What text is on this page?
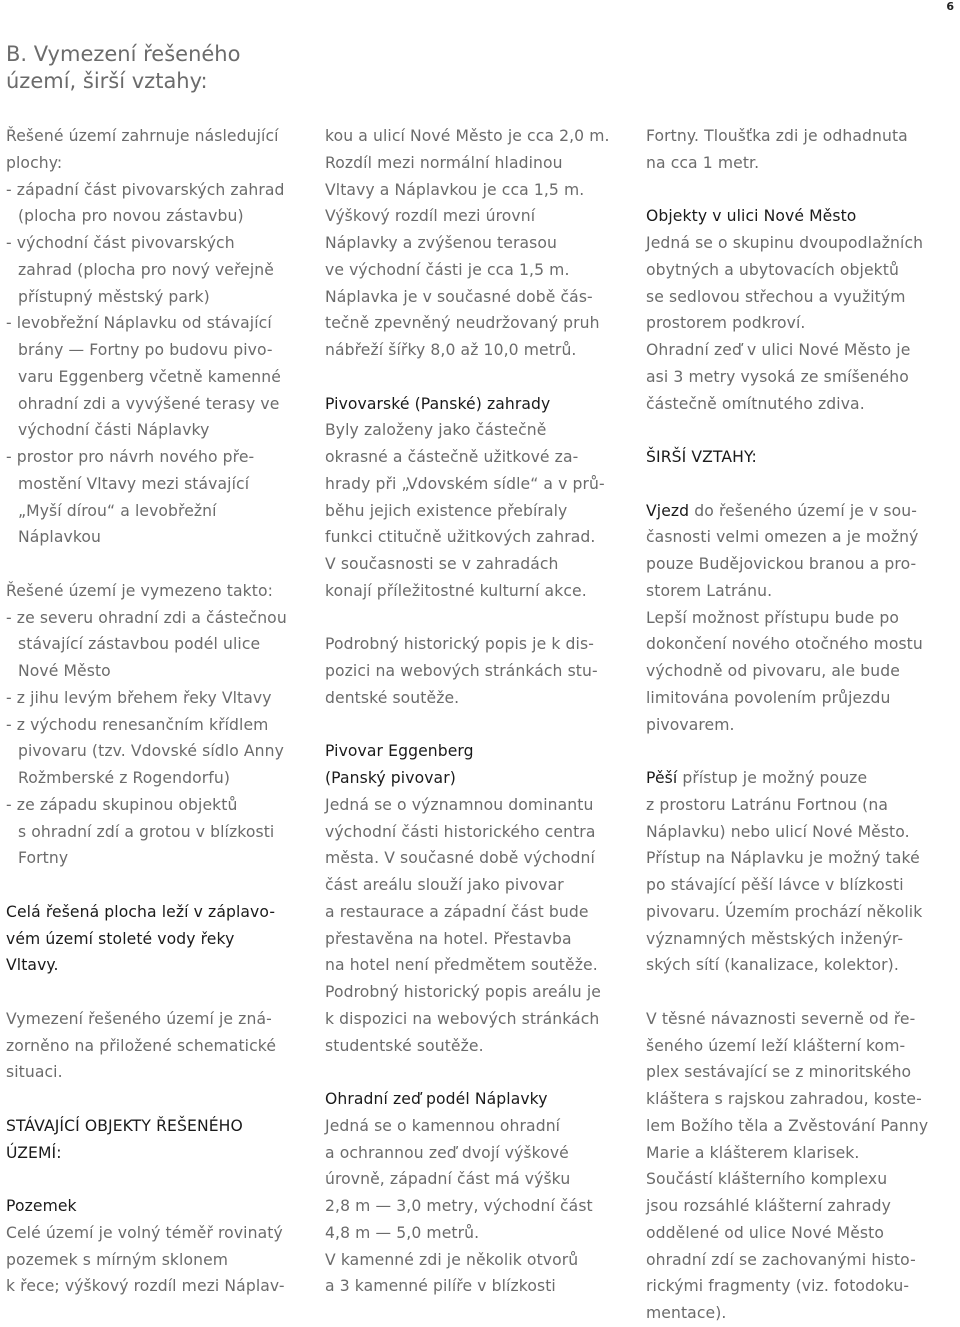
6
B. Vymezení řešeného
území, širší vztahy:
Řešené území zahrnuje následující
plochy:
- západní část pivovarských zahrad
(plocha pro novou zástavbu)
- východní část pivovarských
zahrad (plocha pro nový veřejně
přístupný městský park)
- levobřežní Náplavku od stávající
brány — Fortny po budovu pivo-
varu Eggenberg včetně kamenné
ohradní zdi a vyvýšené terasy ve
východní části Náplavky
- prostor pro návrh nového pře-
mostění Vltavy mezi stávající
„Myší dírou“ a levobřežní
Náplavkou
Řešené území je vymezeno takto:
- ze severu ohradní zdi a částečnou
stávající zástavbou podél ulice
Nové Město
- z jihu levým břehem řeky Vltavy
- z východu renesančním křídlem
pivovaru (tzv. Vdovské sídlo Anny
Rožmberské z Rogendorfu)
- ze západu skupinou objektů
s ohradní zdí a grotou v blízkosti
Fortny
Celá řešená plocha leží v záplavo-
vém území stoleté vody řeky
Vltavy.
Vymezení řešeného území je zná-
zorněno na přiložené schematické
situaci.
STÁVAJÍCÍ OBJEKTY ŘEŠENÉHO
ÚZEMÍ:
Pozemek
Celé území je volný téměř rovinatý
pozemek s mírným sklonem
k řece; výškový rozdíl mezi Náplav-
kou a ulicí Nové Město je cca 2,0 m.
Rozdíl mezi normální hladinou
Vltavy a Náplavkou je cca 1,5 m.
Výškový rozdíl mezi úrovní
Náplavky a zvýšenou terasou
ve východní části je cca 1,5 m.
Náplavka je v současné době čás-
tečně zpevněný neudržovaný pruh
nábřeží šířky 8,0 až 10,0 metrů.
Pivovarské (Panské) zahrady
Byly založeny jako částečně
okrasné a částečně užitkové za-
hrady při „Vdovském sídle“ a v prů-
běhu jejich existence přebíraly
funkci ctitučně užitkových zahrad.
V současnosti se v zahradách
konají příležitostné kulturní akce.
Podrobný historický popis je k dis-
pozici na webových stránkách stu-
dentské soutěže.
Pivovar Eggenberg
(Panský pivovar)
Jedná se o významnou dominantu
východní části historického centra
města. V současné době východní
část areálu slouží jako pivovar
a restaurace a západní část bude
přestavěna na hotel. Přestavba
na hotel není předmětem soutěže.
Podrobný historický popis areálu je
k dispozici na webových stránkách
studentské soutěže.
Ohradní zeď podél Náplavky
Jedná se o kamennou ohradní
a ochrannou zeď dvojí výškové
úrovně, západní část má výšku
2,8 m — 3,0 metry, východní část
4,8 m — 5,0 metrů.
V kamenné zdi je několik otvorů
a 3 kamenné pilíře v blízkosti
Fortny. Tloušťka zdi je odhadnuta
na cca 1 metr.
Objekty v ulici Nové Město
Jedná se o skupinu dvoupodlažních
obytných a ubytovacích objektů
se sedlovou střechou a využitým
prostorem podkroví.
Ohradní zeď v ulici Nové Město je
asi 3 metry vysoká ze smíšeného
částečně omítnutého zdiva.
ŠIRŠÍ VZTAHY:
Vjezd do řešeného území je v sou-
časnosti velmi omezen a je možný
pouze Budějovickou branou a pro-
storem Latránu.
Lepší možnost přístupu bude po
dokončení nového otočného mostu
východně od pivovaru, ale bude
limitována povolením průjezdu
pivovarem.
Pěší přístup je možný pouze
z prostoru Latránu Fortnou (na
Náplavku) nebo ulicí Nové Město.
Přístup na Náplavku je možný také
po stávající pěší lávce v blízkosti
pivovaru. Územím prochází několik
významných městských inženýr-
ských sítí (kanalizace, kolektor).
V těsné návaznosti severně od ře-
šeného území leží klášterní kom-
plex sestávající se z minoritského
kláštera s rajskou zahradou, koste-
lem Božího těla a Zvěstování Panny
Marie a klášterem klarisek.
Součástí klášterního komplexu
jsou rozsáhlé klášterní zahrady
oddělené od ulice Nové Město
ohradní zdí se zachovanými histo-
rickými fragmenty (viz. fotodoku-
mentace).
